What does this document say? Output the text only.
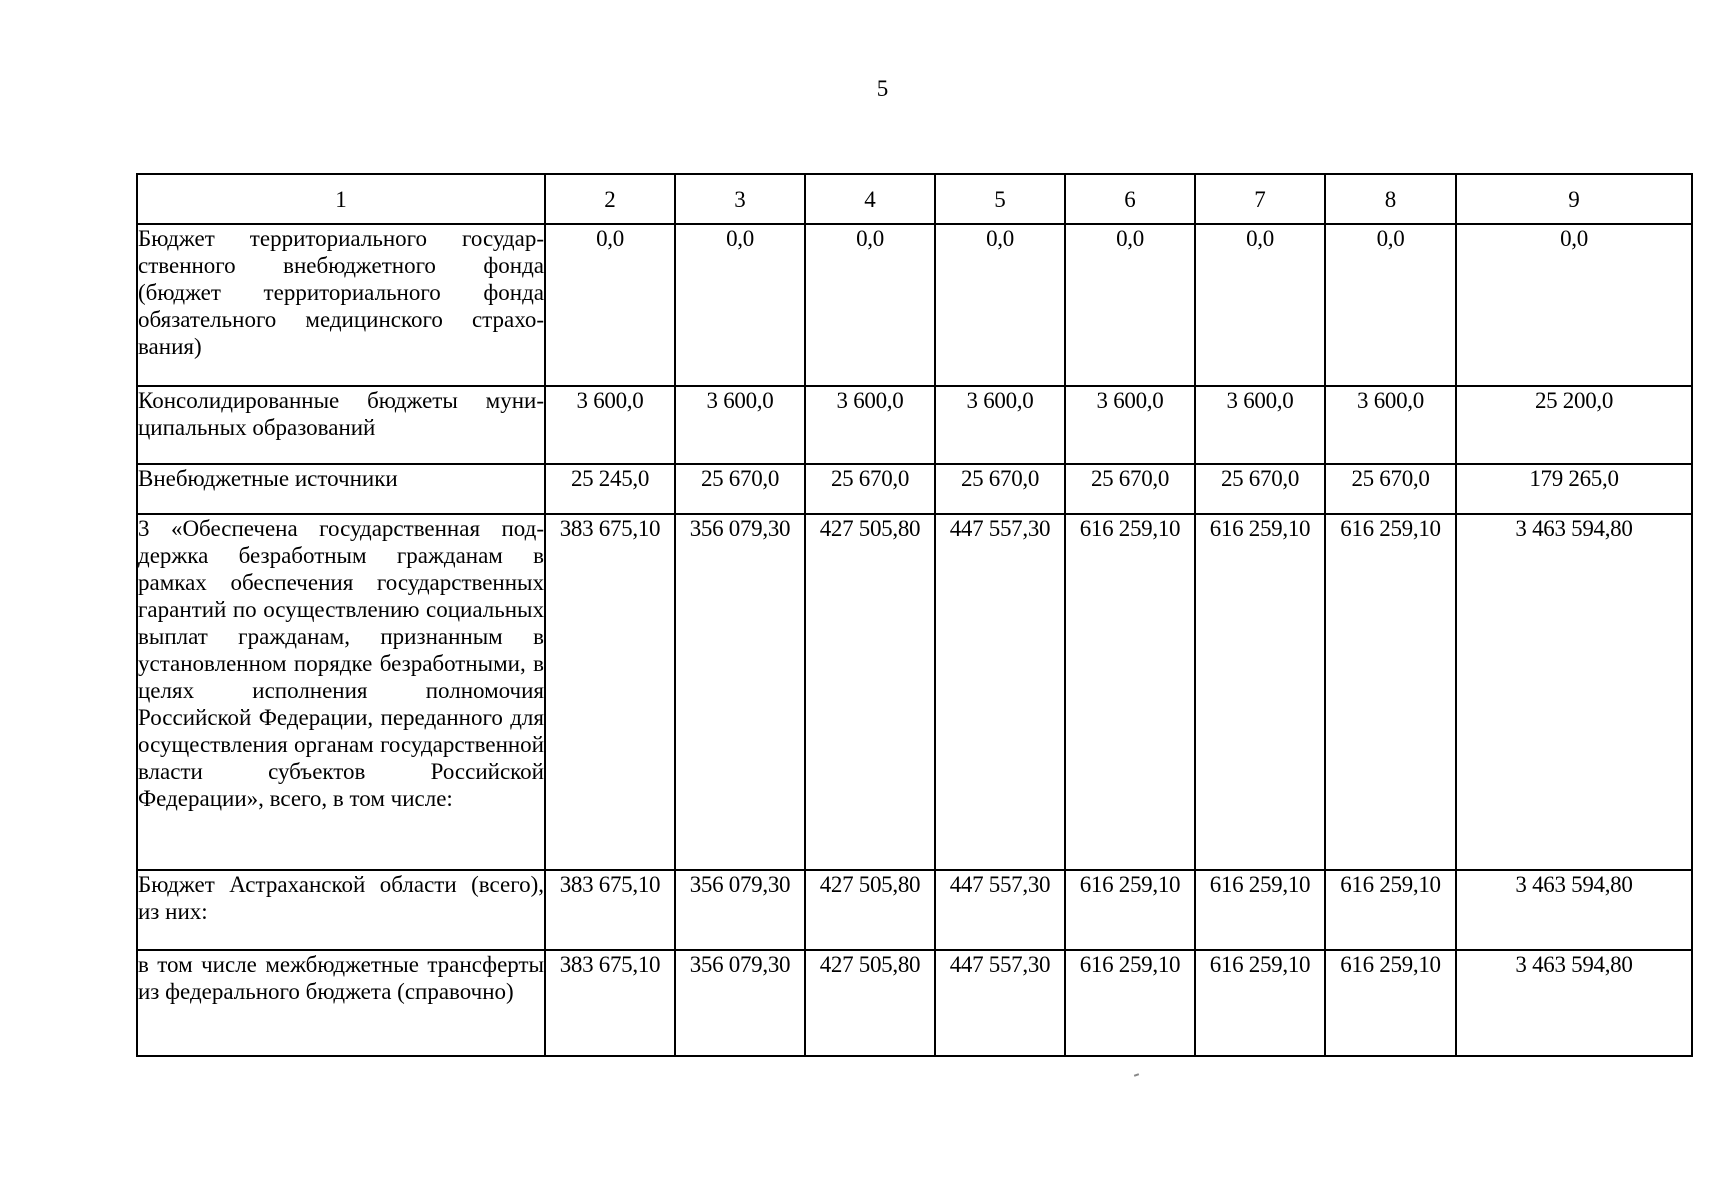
5
1	2	3	4	5	6	7	8	9
Бюджет территориального государственного внебюджетного фонда (бюджет территориального фонда обязательного медицинского страхования)	0,0	0,0	0,0	0,0	0,0	0,0	0,0	0,0
Консолидированные бюджеты муниципальных образований	3 600,0	3 600,0	3 600,0	3 600,0	3 600,0	3 600,0	3 600,0	25 200,0
Внебюджетные источники	25 245,0	25 670,0	25 670,0	25 670,0	25 670,0	25 670,0	25 670,0	179 265,0
3 «Обеспечена государственная поддержка безработным гражданам в рамках обеспечения государственных гарантий по осуществлению социальных выплат гражданам, признанным в установленном порядке безработными, в целях исполнения полномочия Российской Федерации, переданного для осуществления органам государственной власти субъектов Российской Федерации», всего, в том числе:	383 675,10	356 079,30	427 505,80	447 557,30	616 259,10	616 259,10	616 259,10	3 463 594,80
Бюджет Астраханской области (всего), из них:	383 675,10	356 079,30	427 505,80	447 557,30	616 259,10	616 259,10	616 259,10	3 463 594,80
в том числе межбюджетные трансферты из федерального бюджета (справочно)	383 675,10	356 079,30	427 505,80	447 557,30	616 259,10	616 259,10	616 259,10	3 463 594,80
